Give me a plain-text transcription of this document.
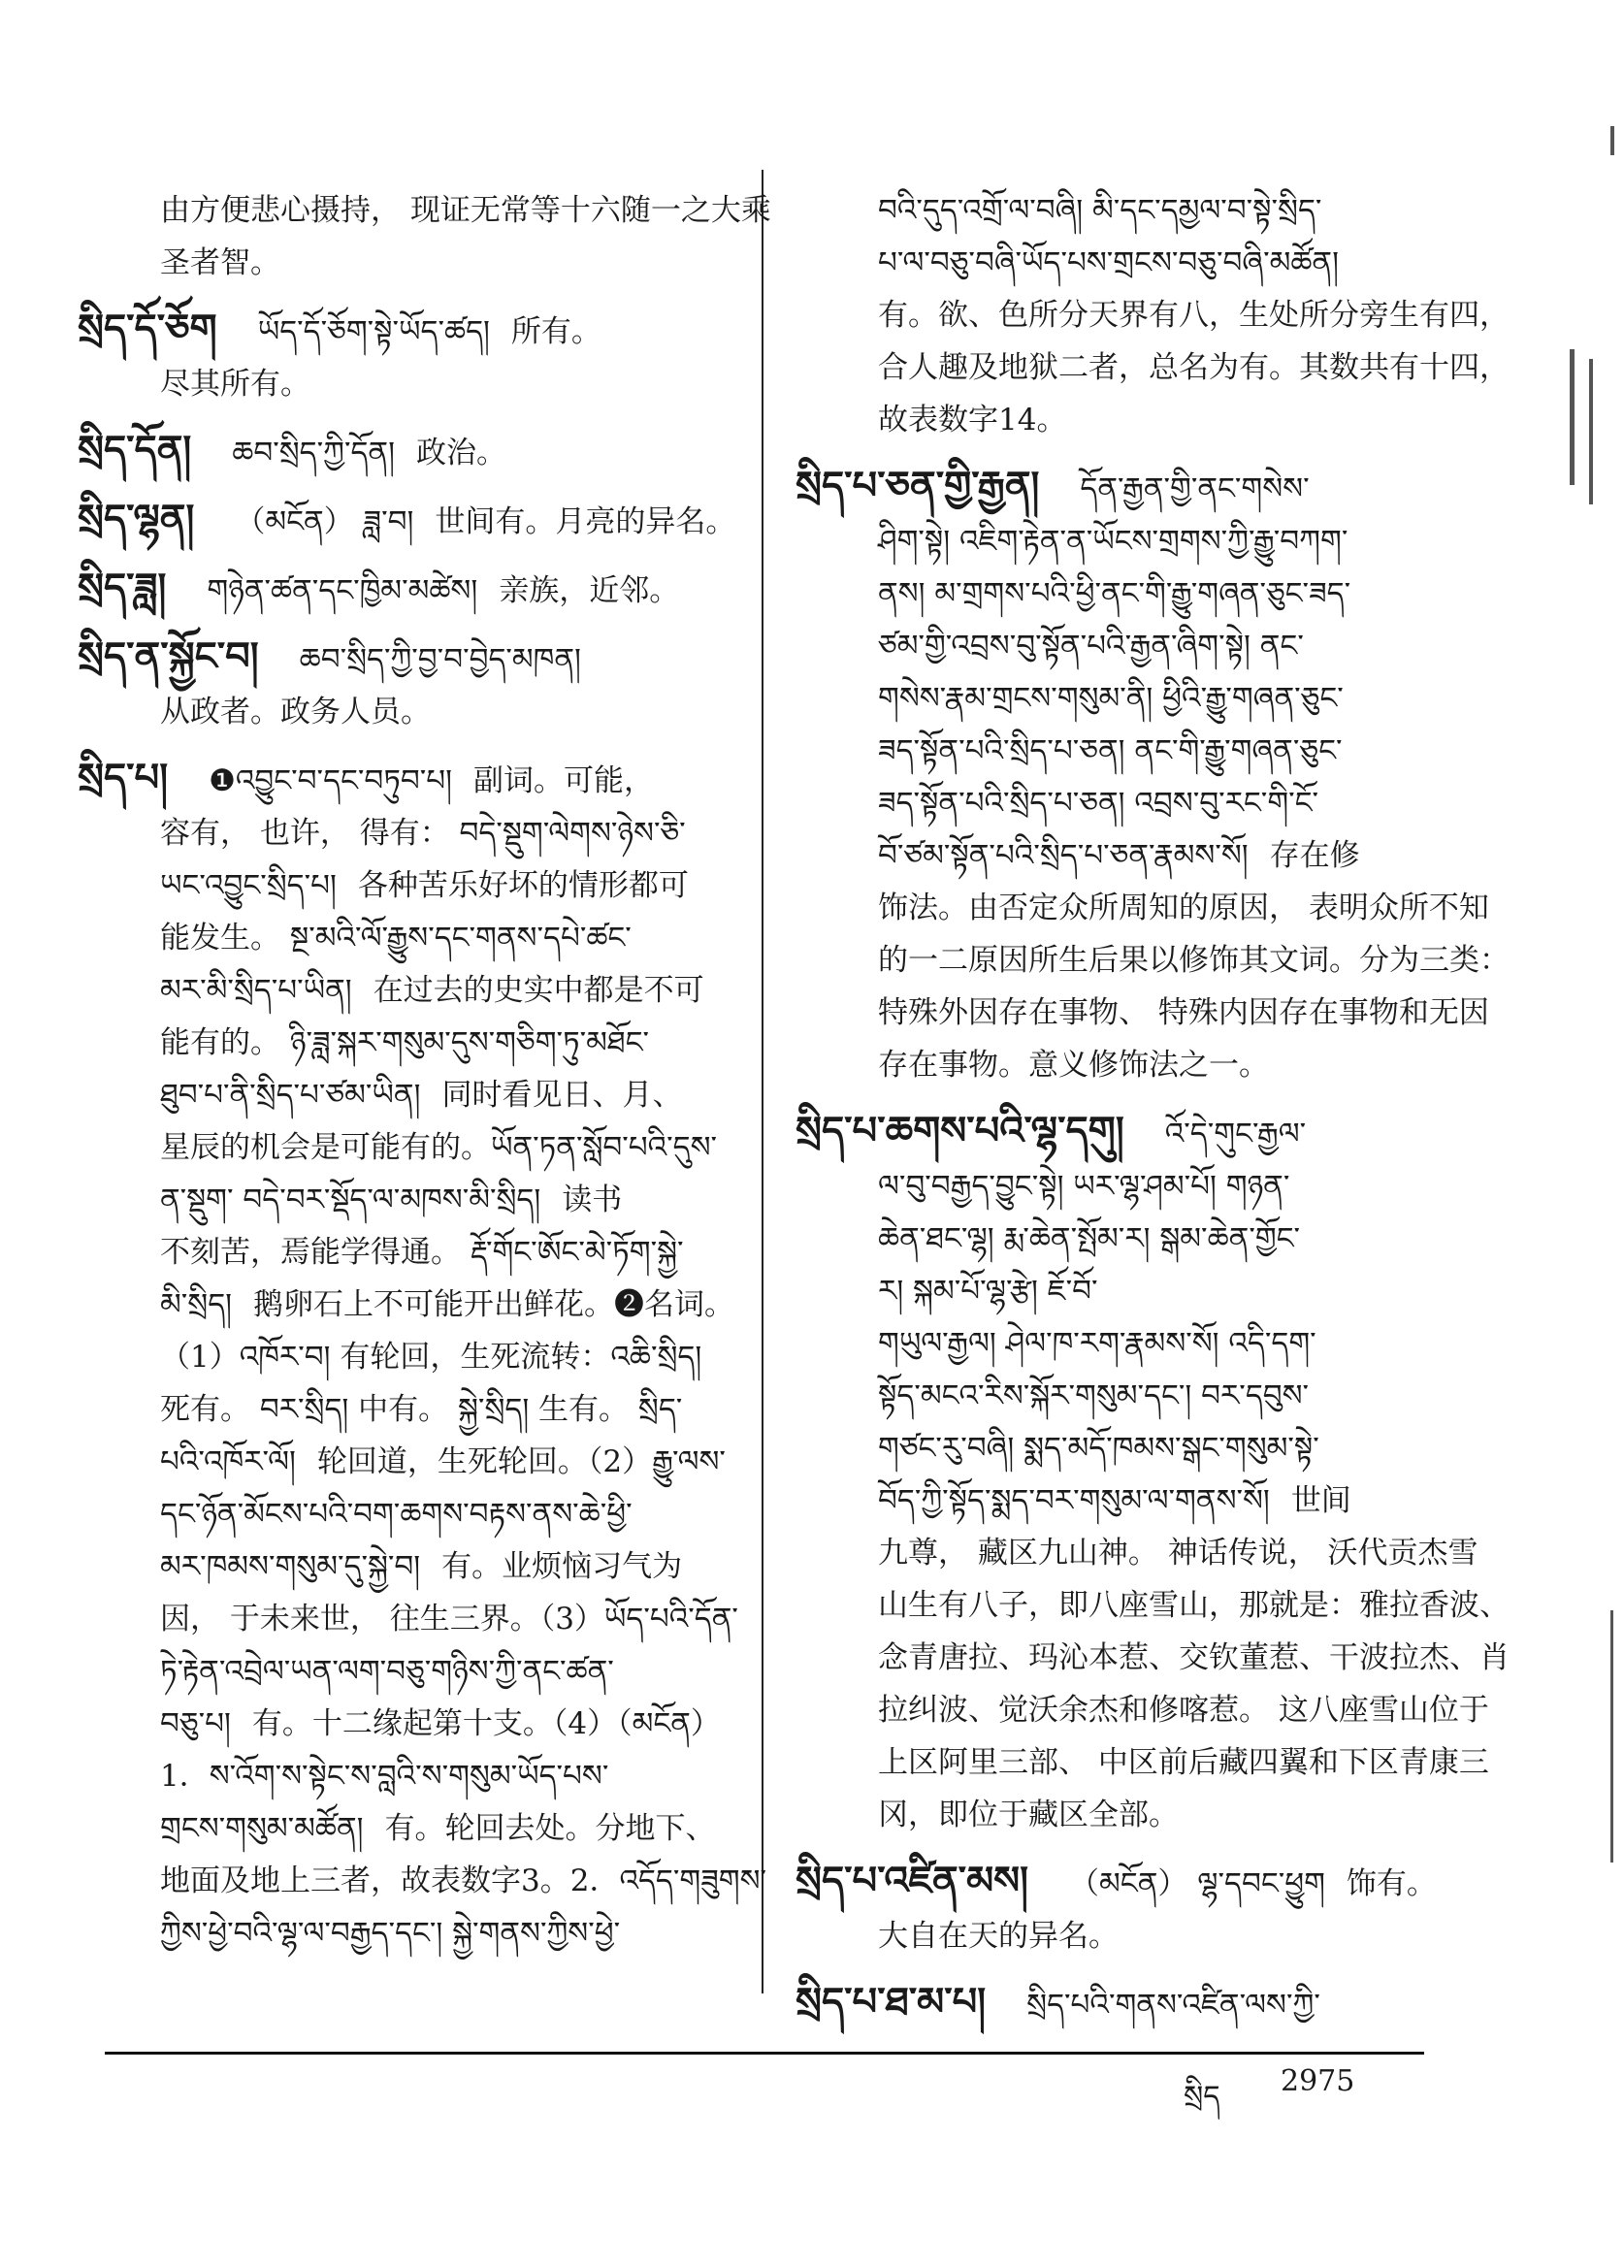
由方便悲心摄持， 现证无常等十六随一之大乘
圣者智。
སྲིད་དོ་ཅོག ཡོད་དོ་ཅོག་སྟེ་ཡོད་ཚད། 所有。
尽其所有。
སྲིད་དོན། ཆབ་སྲིད་ཀྱི་དོན། 政治。
སྲིད་ལྷན། （མངོན） ཟླ་བ། 世间有。月亮的异名。
སྲིད་ཟླ། གཉེན་ཚན་དང་ཁྱིམ་མཚེས། 亲族，近邻。
སྲིད་ན་སྐྱོང་བ། ཆབ་སྲིད་ཀྱི་བྱ་བ་བྱེད་མཁན།
从政者。政务人员。
སྲིད་པ། ❶འབྱུང་བ་དང་བཏུབ་པ། 副词。可能，
容有， 也许， 得有： བདེ་སྡུག་ལེགས་ཉེས་ཅི་
ཡང་འབྱུང་སྲིད་པ། 各种苦乐好坏的情形都可
能发生。 སྔ་མའི་ལོ་རྒྱུས་དང་གནས་དཔེ་ཚང་
མར་མི་སྲིད་པ་ཡིན། 在过去的史实中都是不可
能有的。 ཉི་ཟླ་སྐར་གསུམ་དུས་གཅིག་ཏུ་མཐོང་
ཐུབ་པ་ནི་སྲིད་པ་ཙམ་ཡིན། 同时看见日、月、
星辰的机会是可能有的。ཡོན་ཏན་སློབ་པའི་དུས་
ན་སྡུག་ བདེ་བར་སྡོད་ལ་མཁས་མི་སྲིད། 读书
不刻苦，焉能学得通。 རྡོ་གོང་ཨོང་མེ་ཏོག་སྐྱེ་
མི་སྲིད། 鹅卵石上不可能开出鲜花。❷名词。
（1）འཁོར་བ། 有轮回，生死流转：འཆི་སྲིད།
死有。 བར་སྲིད། 中有。 སྐྱེ་སྲིད། 生有。 སྲིད་
པའི་འཁོར་ལོ། 轮回道，生死轮回。（2）རྒྱུ་ལས་
དང་ཉོན་མོངས་པའི་བག་ཆགས་བརྟས་ནས་ཆེ་ཕྱི་
མར་ཁམས་གསུམ་དུ་སྐྱེ་བ། 有。业烦恼习气为
因， 于未来世， 往生三界。（3）ཡོད་པའི་དོན་
ཏེ་རྟེན་འབྲེལ་ཡན་ལག་བཅུ་གཉིས་ཀྱི་ནང་ཚན་
བཅུ་པ། 有。十二缘起第十支。（4）（མངོན）
1．ས་འོག་ས་སྟེང་ས་བླའི་ས་གསུམ་ཡོད་པས་
གྲངས་གསུམ་མཚོན། 有。轮回去处。分地下、
地面及地上三者，故表数字3。2．འདོད་གཟུགས་
ཀྱིས་ཕྱེ་བའི་ལྷ་ལ་བརྒྱད་དང་། སྐྱེ་གནས་ཀྱིས་ཕྱེ་
བའི་དུད་འགྲོ་ལ་བཞི། མི་དང་དམྱལ་བ་སྟེ་སྲིད་
པ་ལ་བཅུ་བཞི་ཡོད་པས་གྲངས་བཅུ་བཞི་མཚོན།
有。欲、色所分天界有八，生处所分旁生有四，
合人趣及地狱二者，总名为有。其数共有十四，
故表数字14。
སྲིད་པ་ཅན་གྱི་རྒྱན། དོན་རྒྱན་གྱི་ནང་གསེས་
ཤིག་སྟེ། འཇིག་རྟེན་ན་ཡོངས་གྲགས་ཀྱི་རྒྱུ་བཀག་
ནས། མ་གྲགས་པའི་ཕྱི་ནང་གི་རྒྱུ་གཞན་ཅུང་ཟད་
ཙམ་གྱི་འབྲས་བུ་སྟོན་པའི་རྒྱན་ཞིག་སྟེ། ནང་
གསེས་རྣམ་གྲངས་གསུམ་ནི། ཕྱིའི་རྒྱུ་གཞན་ཅུང་
ཟད་སྟོན་པའི་སྲིད་པ་ཅན། ནང་གི་རྒྱུ་གཞན་ཅུང་
ཟད་སྟོན་པའི་སྲིད་པ་ཅན། འབྲས་བུ་རང་གི་ངོ་
བོ་ཙམ་སྟོན་པའི་སྲིད་པ་ཅན་རྣམས་སོ། 存在修
饰法。由否定众所周知的原因， 表明众所不知
的一二原因所生后果以修饰其文词。分为三类：
特殊外因存在事物、 特殊内因存在事物和无因
存在事物。意义修饰法之一。
སྲིད་པ་ཆགས་པའི་ལྷ་དགུ། འོ་དེ་གུང་རྒྱལ་
ལ་བུ་བརྒྱད་བྱུང་སྟེ། ཡར་ལྷ་ཤམ་པོ། གཉན་
ཆེན་ཐང་ལྷ། རྨ་ཆེན་སྤོམ་ར། སྒམ་ཆེན་གྱོང་
ར། སྐམ་པོ་ལྷ་རྩེ། ཇོ་བོ་
གཡུལ་རྒྱལ། ཤེལ་ཁ་རག་རྣམས་སོ། འདི་དག་
སྟོད་མངའ་རིས་སྐོར་གསུམ་དང་། བར་དབུས་
གཙང་རུ་བཞི། སྨད་མདོ་ཁམས་སྒང་གསུམ་སྟེ་
བོད་ཀྱི་སྟོད་སྨད་བར་གསུམ་ལ་གནས་སོ། 世间
九尊， 藏区九山神。 神话传说， 沃代贡杰雪
山生有八子，即八座雪山，那就是：雅拉香波、
念青唐拉、玛沁本惹、交钦董惹、干波拉杰、肖
拉纠波、觉沃余杰和修喀惹。 这八座雪山位于
上区阿里三部、 中区前后藏四翼和下区青康三
冈，即位于藏区全部。
སྲིད་པ་འཛིན་མས། （མངོན） ལྷ་དབང་ཕྱུག 饰有。
大自在天的异名。
སྲིད་པ་ཐ་མ་པ། སྲིད་པའི་གནས་འཛིན་ལས་ཀྱི་
སྲིད 2975
